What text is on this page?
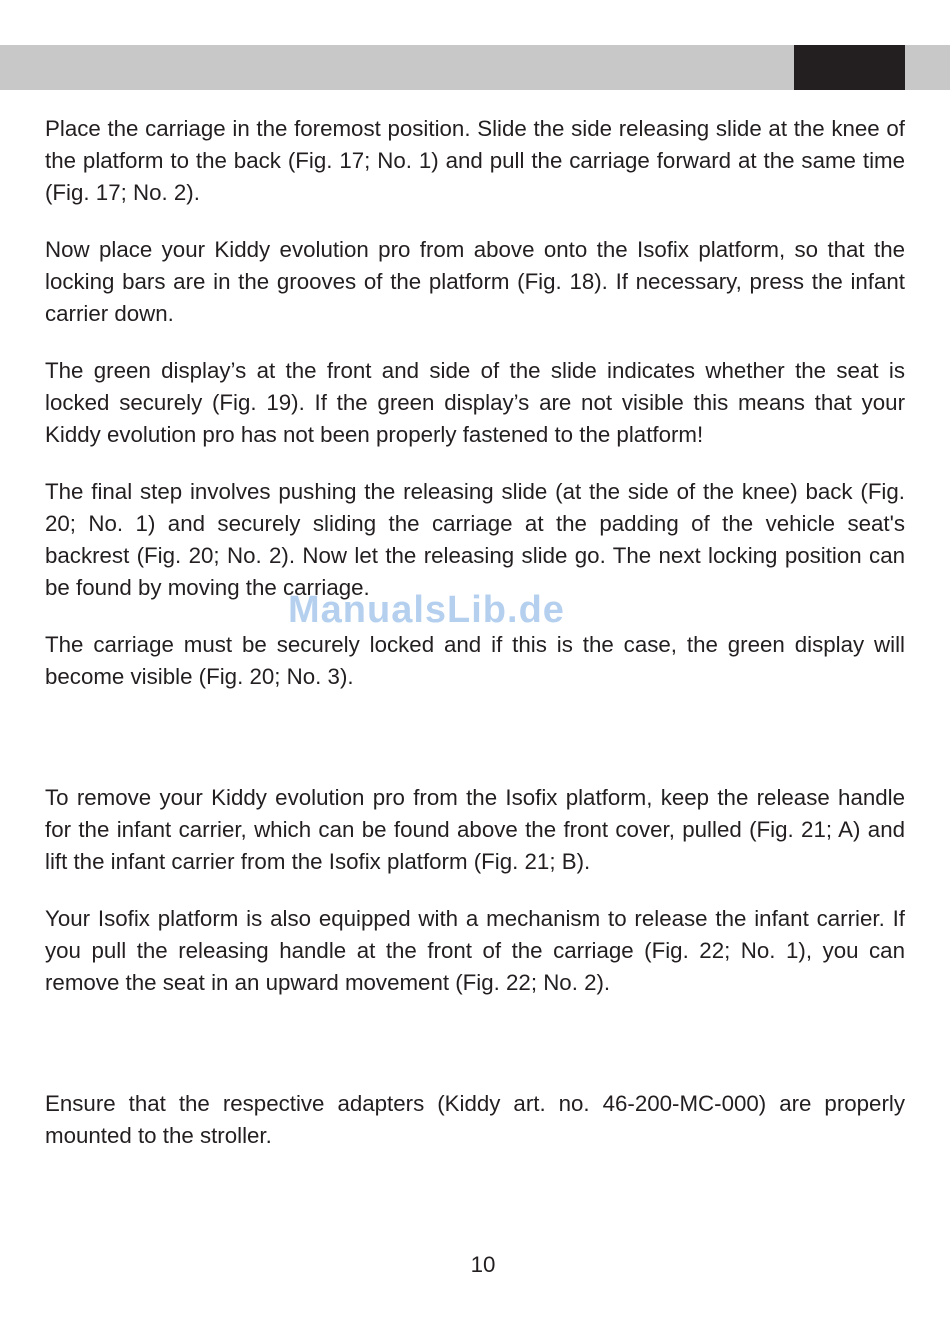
Place the carriage in the foremost position. Slide the side releasing slide at the knee of the platform to the back (Fig. 17; No. 1) and pull the carriage forward at the same time (Fig. 17; No. 2).

Now place your Kiddy evolution pro from above onto the Isofix platform, so that the locking bars are in the grooves of the platform (Fig. 18). If necessary, press the infant carrier down.

The green display’s at the front and side of the slide indicates whether the seat is locked securely (Fig. 19). If the green display’s are not visible this means that your Kiddy evolution pro has not been properly fastened to the platform!

The final step involves pushing the releasing slide (at the side of the knee) back (Fig. 20; No. 1) and securely sliding the carriage at the padding of the vehicle seat's backrest (Fig. 20; No. 2). Now let the releasing slide go. The next locking position can be found by moving the carriage.

The carriage must be securely locked and if this is the case, the green display will become visible (Fig. 20; No. 3).

To remove your Kiddy evolution pro from the Isofix platform, keep the release handle for the infant carrier, which can be found above the front cover, pulled (Fig. 21; A) and lift the infant carrier from the Isofix platform (Fig. 21; B).

Your Isofix platform is also equipped with a mechanism to release the infant carrier. If you pull the releasing handle at the front of the carriage (Fig. 22; No. 1), you can remove the seat in an upward movement (Fig. 22; No. 2).

Ensure that the respective adapters (Kiddy art. no. 46-200-MC-000) are properly mounted to the stroller.

ManualsLib.de
10
